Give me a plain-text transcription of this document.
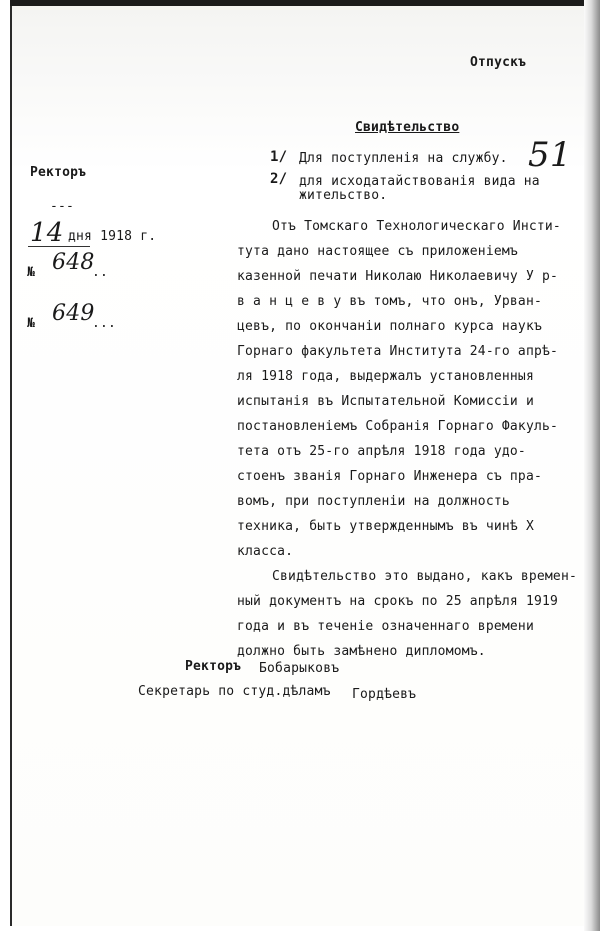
Отпускъ
Свидѣтельство
51
Ректоръ
---
14 дня 1918 г.
№ 648
..
№ 649
...
1/ Для поступленія на службу.
2/ для исходатайствованія вида на
жительство.
Отъ Томскаго Технологическаго Инсти-
тута дано настоящее съ приложеніемъ
казенной печати Николаю Николаевичу У р-
в а н ц е в у въ томъ, что онъ, Урван-
цевъ, по окончаніи полнаго курса наукъ
Горнаго факультета Института 24-го апрѣ-
ля 1918 года, выдержалъ установленныя
испытанія въ Испытательной Комиссіи и
постановленіемъ Собранія Горнаго Факуль-
тета отъ 25-го апрѣля 1918 года удо-
стоенъ званія Горнаго Инженера съ пра-
вомъ, при поступленіи на должность
техника, быть утвержденнымъ въ чинѣ Х
класса.
Свидѣтельство это выдано, какъ времен-
ный документъ на срокъ по 25 апрѣля 1919
года и въ теченіе означеннаго времени
должно быть замѣнено дипломомъ.
Ректоръ Бобарыковъ
Секретарь по студ.дѣламъ Гордѣевъ
